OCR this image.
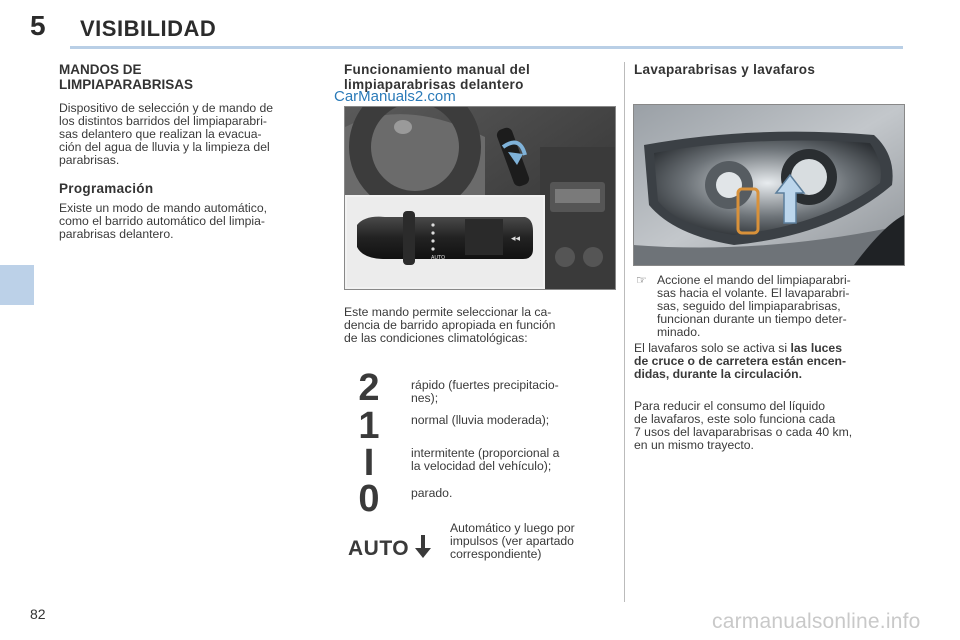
5 VISIBILIDAD
MANDOS DE
LIMPIAPARABRISAS
Dispositivo de selección y de mando de
los distintos barridos del limpiaparabri-
sas delantero que realizan la evacua-
ción del agua de lluvia y la limpieza del
parabrisas.
Programación
Existe un modo de mando automático,
como el barrido automático del limpia-
parabrisas delantero.
Funcionamiento manual del
limpiaparabrisas delantero
CarManuals2.com
◂◂
AUTO
Este mando permite seleccionar la ca-
dencia de barrido apropiada en función
de las condiciones climatológicas:
2	rápido (fuertes precipitacio-
nes);
1	normal (lluvia moderada);
I	intermitente (proporcional a
la velocidad del vehículo);
0	parado.
AUTO
Automático y luego por
impulsos (ver apartado
correspondiente)
Lavaparabrisas y lavafaros
☞ Accione el mando del limpiaparabri-
sas hacia el volante. El lavaparabri-
sas, seguido del limpiaparabrisas,
funcionan durante un tiempo deter-
minado.
El lavafaros solo se activa si las luces
de cruce o de carretera están encen-
didas, durante la circulación.
Para reducir el consumo del líquido
de lavafaros, este solo funciona cada
7 usos del lavaparabrisas o cada 40 km,
en un mismo trayecto.
82	carmanualsonline.info
